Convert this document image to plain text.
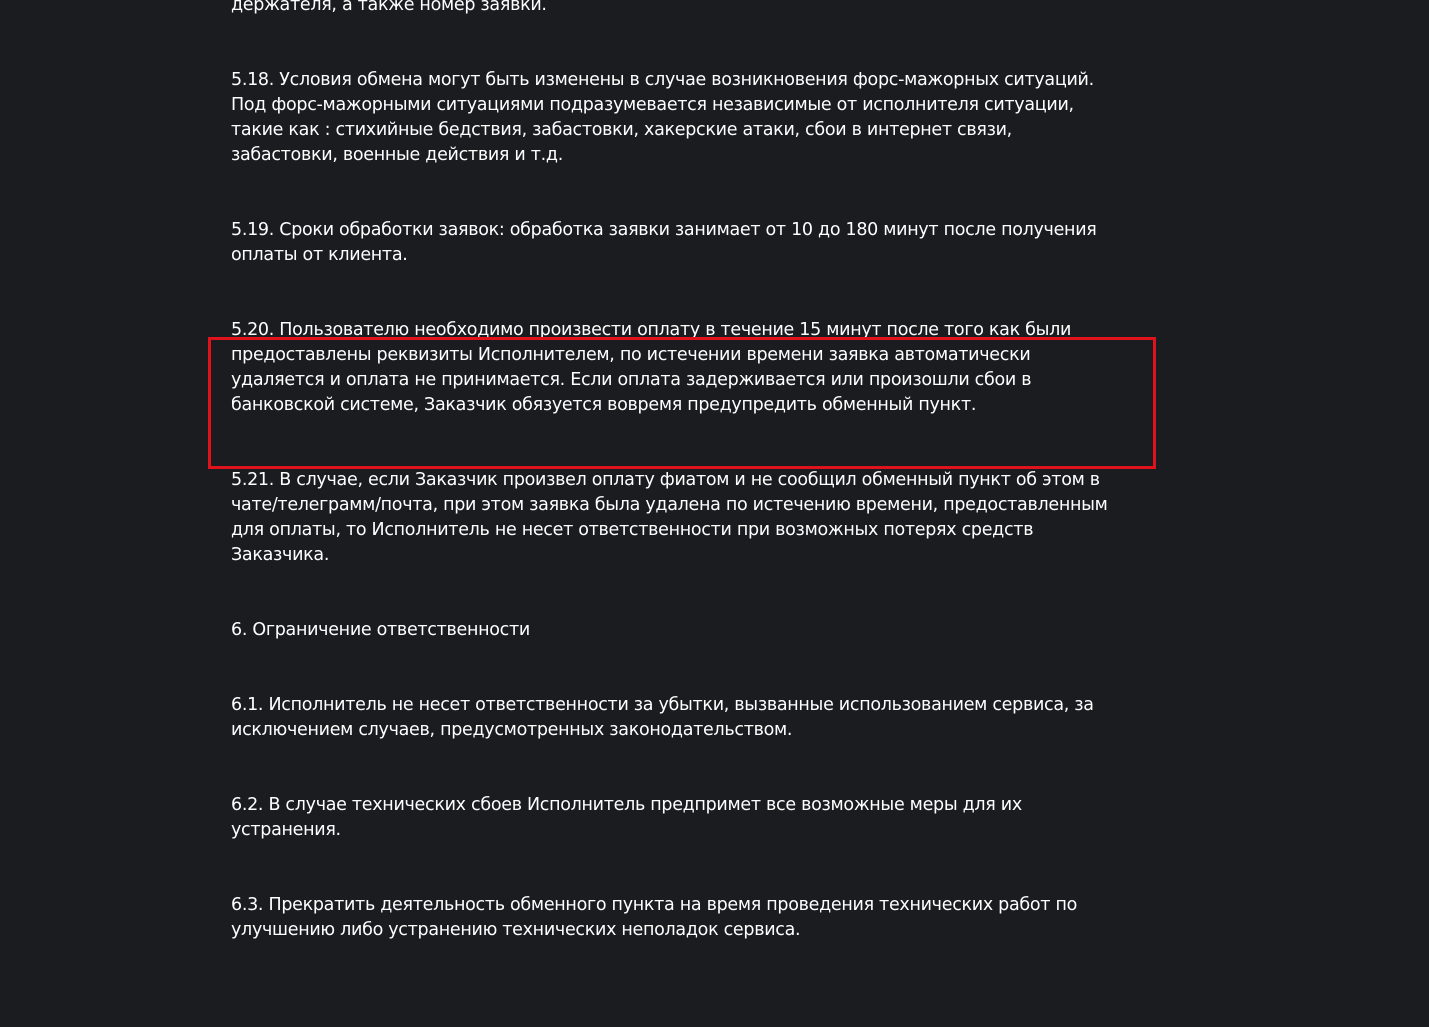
держателя, а также номер заявки.

5.18. Условия обмена могут быть изменены в случае возникновения форс-мажорных ситуаций.
Под форс-мажорными ситуациями подразумевается независимые от исполнителя ситуации,
такие как : стихийные бедствия, забастовки, хакерские атаки, сбои в интернет связи,
забастовки, военные действия и т.д.

5.19. Сроки обработки заявок: обработка заявки занимает от 10 до 180 минут после получения
оплаты от клиента.

5.20. Пользователю необходимо произвести оплату в течение 15 минут после того как были
предоставлены реквизиты Исполнителем, по истечении времени заявка автоматически
удаляется и оплата не принимается. Если оплата задерживается или произошли сбои в
банковской системе, Заказчик обязуется вовремя предупредить обменный пункт.

5.21. В случае, если Заказчик произвел оплату фиатом и не сообщил обменный пункт об этом в
чате/телеграмм/почта, при этом заявка была удалена по истечению времени, предоставленным
для оплаты, то Исполнитель не несет ответственности при возможных потерях средств
Заказчика.

6. Ограничение ответственности

6.1. Исполнитель не несет ответственности за убытки, вызванные использованием сервиса, за
исключением случаев, предусмотренных законодательством.

6.2. В случае технических сбоев Исполнитель предпримет все возможные меры для их
устранения.

6.3. Прекратить деятельность обменного пункта на время проведения технических работ по
улучшению либо устранению технических неполадок сервиса.
